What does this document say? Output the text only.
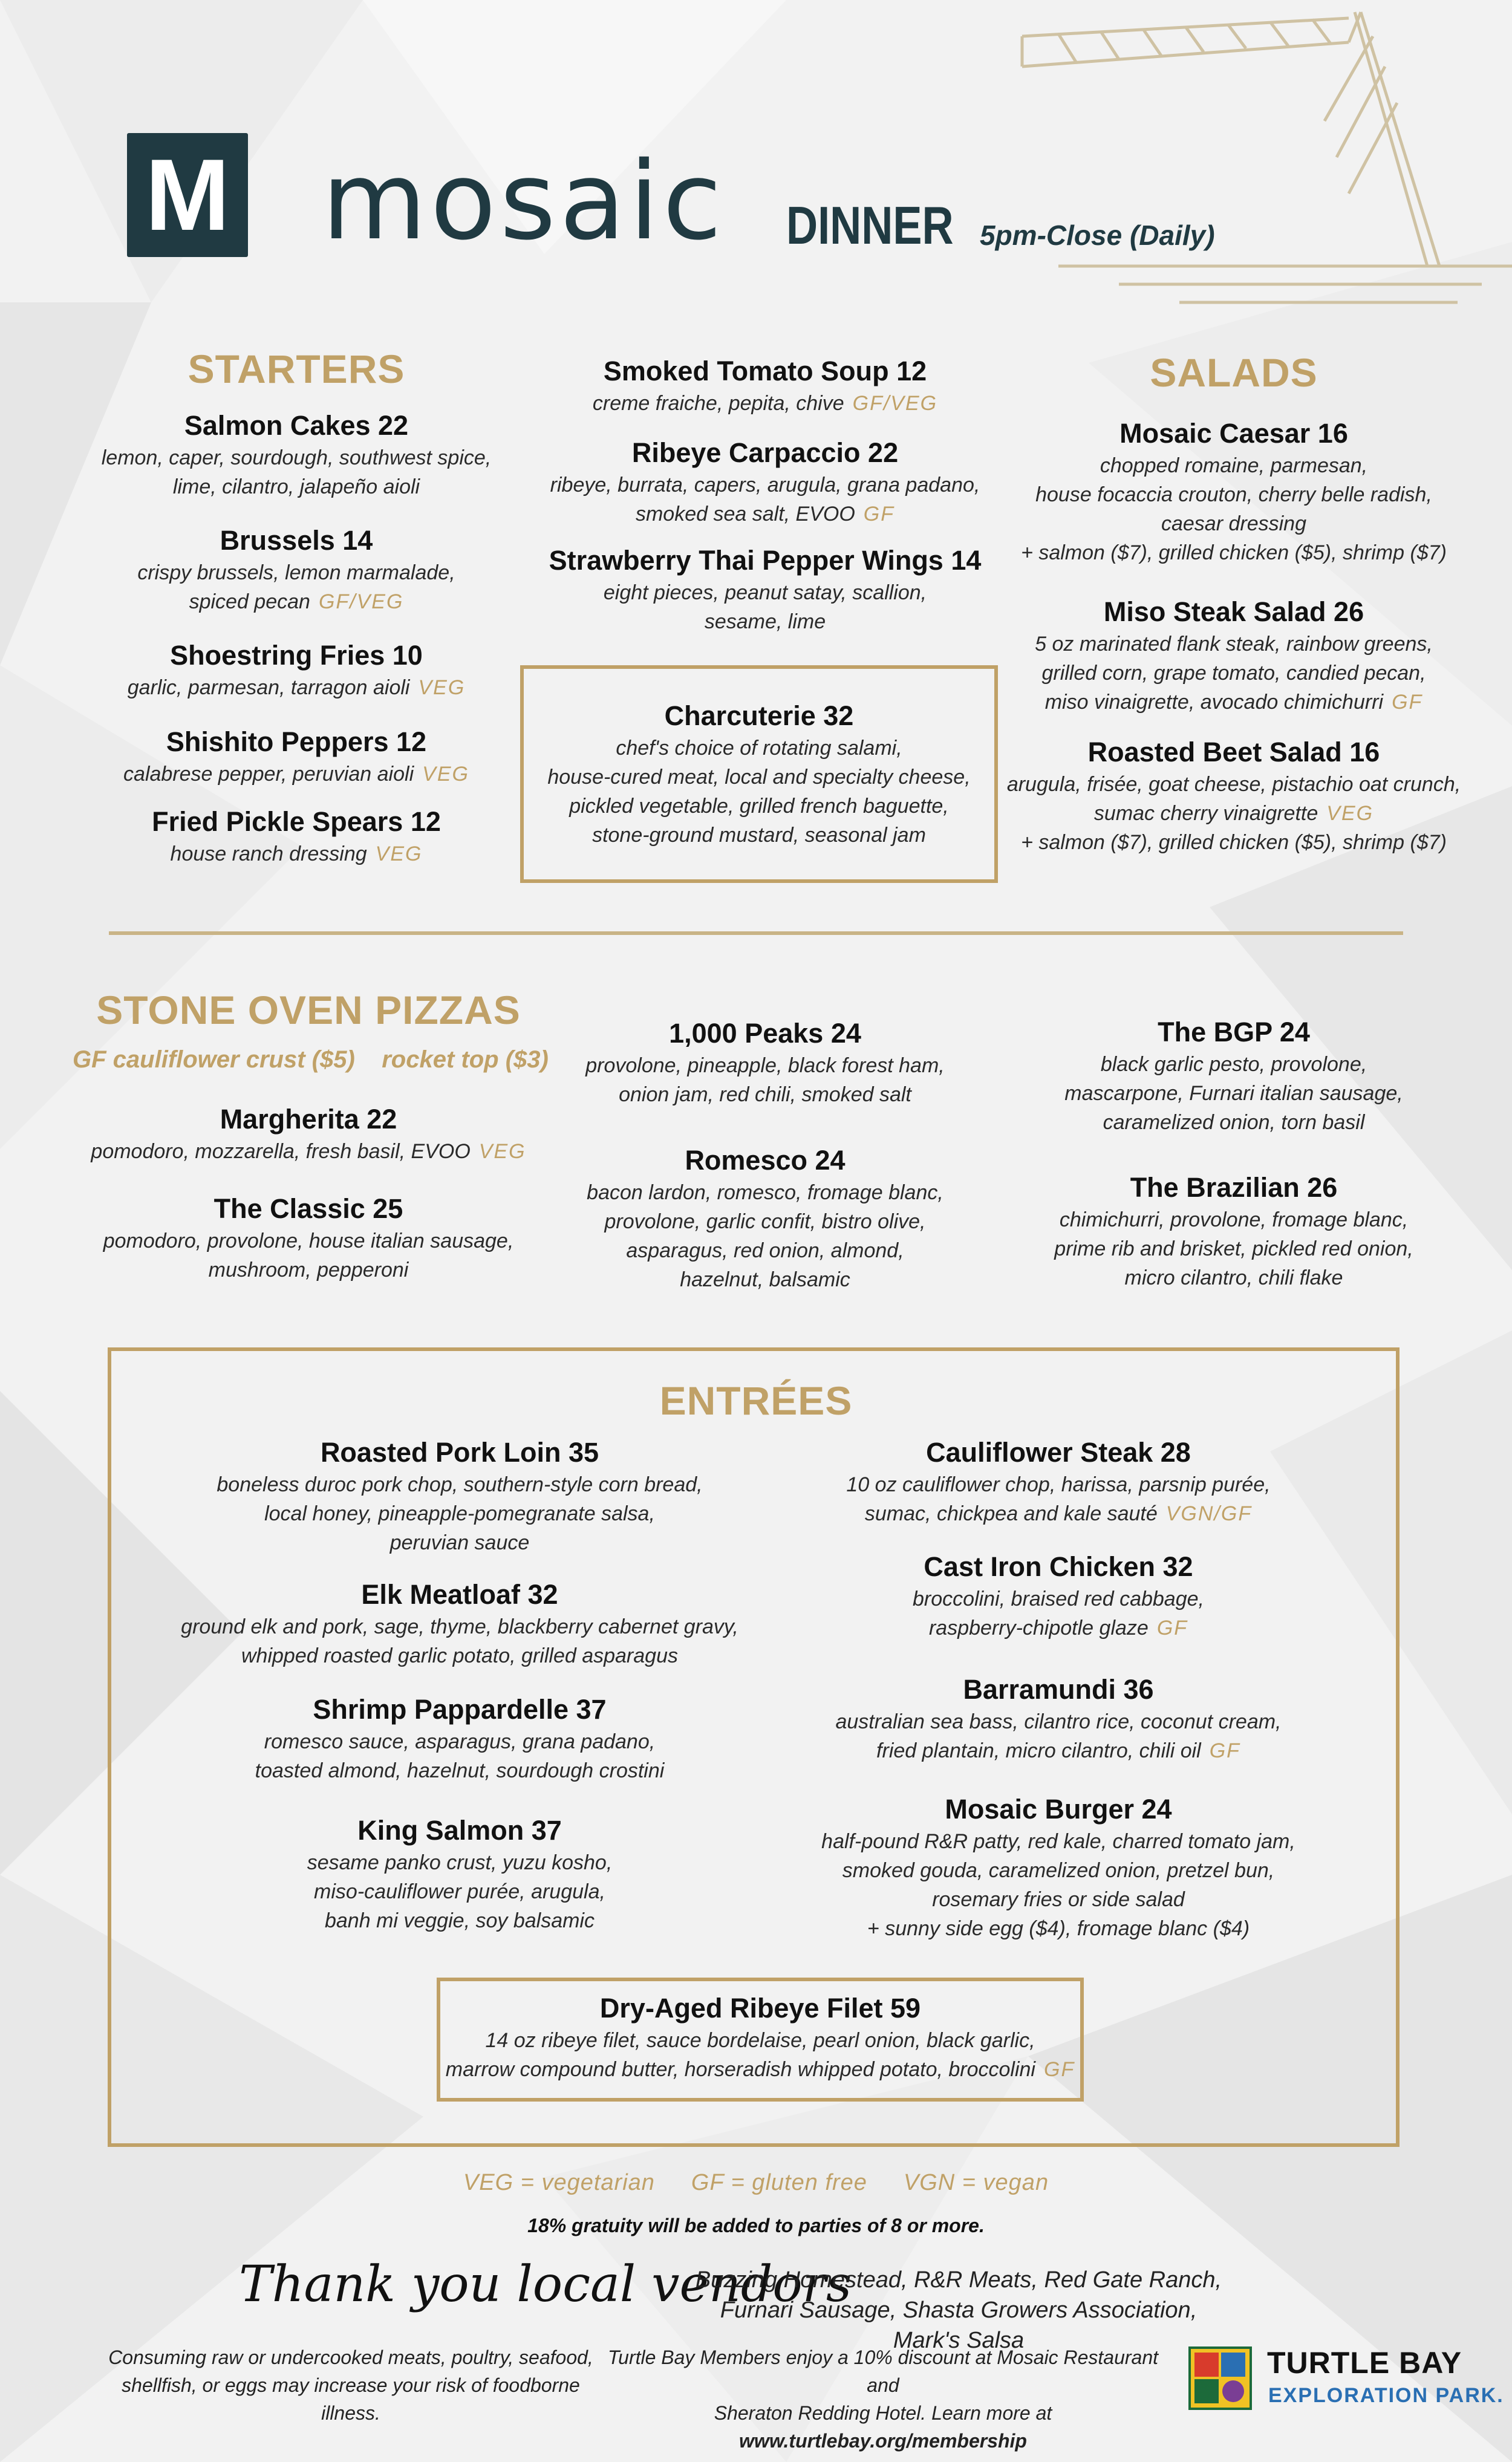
M mosaic DINNER 5pm-Close (Daily)
STARTERS
Salmon Cakes 22
lemon, caper, sourdough, southwest spice,
lime, cilantro, jalapeño aioli
Brussels 14
crispy brussels, lemon marmalade,
spiced pecan GF/VEG
Shoestring Fries 10
garlic, parmesan, tarragon aioli VEG
Shishito Peppers 12
calabrese pepper, peruvian aioli VEG
Fried Pickle Spears 12
house ranch dressing VEG
Smoked Tomato Soup 12
creme fraiche, pepita, chive GF/VEG
Ribeye Carpaccio 22
ribeye, burrata, capers, arugula, grana padano,
smoked sea salt, EVOO GF
Strawberry Thai Pepper Wings 14
eight pieces, peanut satay, scallion,
sesame, lime
Charcuterie 32
chef's choice of rotating salami,
house-cured meat, local and specialty cheese,
pickled vegetable, grilled french baguette,
stone-ground mustard, seasonal jam
SALADS
Mosaic Caesar 16
chopped romaine, parmesan,
house focaccia crouton, cherry belle radish,
caesar dressing
+ salmon ($7), grilled chicken ($5), shrimp ($7)
Miso Steak Salad 26
5 oz marinated flank steak, rainbow greens,
grilled corn, grape tomato, candied pecan,
miso vinaigrette, avocado chimichurri GF
Roasted Beet Salad 16
arugula, frisée, goat cheese, pistachio oat crunch,
sumac cherry vinaigrette VEG
+ salmon ($7), grilled chicken ($5), shrimp ($7)
STONE OVEN PIZZAS
GF cauliflower crust ($5)    rocket top ($3)
Margherita 22
pomodoro, mozzarella, fresh basil, EVOO VEG
The Classic 25
pomodoro, provolone, house italian sausage,
mushroom, pepperoni
1,000 Peaks 24
provolone, pineapple, black forest ham,
onion jam, red chili, smoked salt
Romesco 24
bacon lardon, romesco, fromage blanc,
provolone, garlic confit, bistro olive,
asparagus, red onion, almond,
hazelnut, balsamic
The BGP 24
black garlic pesto, provolone,
mascarpone, Furnari italian sausage,
caramelized onion, torn basil
The Brazilian 26
chimichurri, provolone, fromage blanc,
prime rib and brisket, pickled red onion,
micro cilantro, chili flake
ENTRÉES
Roasted Pork Loin 35
boneless duroc pork chop, southern-style corn bread,
local honey, pineapple-pomegranate salsa,
peruvian sauce
Elk Meatloaf 32
ground elk and pork, sage, thyme, blackberry cabernet gravy,
whipped roasted garlic potato, grilled asparagus
Shrimp Pappardelle 37
romesco sauce, asparagus, grana padano,
toasted almond, hazelnut, sourdough crostini
King Salmon 37
sesame panko crust, yuzu kosho,
miso-cauliflower purée, arugula,
banh mi veggie, soy balsamic
Cauliflower Steak 28
10 oz cauliflower chop, harissa, parsnip purée,
sumac, chickpea and kale sauté VGN/GF
Cast Iron Chicken 32
broccolini, braised red cabbage,
raspberry-chipotle glaze GF
Barramundi 36
australian sea bass, cilantro rice, coconut cream,
fried plantain, micro cilantro, chili oil GF
Mosaic Burger 24
half-pound R&R patty, red kale, charred tomato jam,
smoked gouda, caramelized onion, pretzel bun,
rosemary fries or side salad
+ sunny side egg ($4), fromage blanc ($4)
Dry-Aged Ribeye Filet 59
14 oz ribeye filet, sauce bordelaise, pearl onion, black garlic,
marrow compound butter, horseradish whipped potato, broccolini GF
VEG = vegetarian GF = gluten free VGN = vegan
18% gratuity will be added to parties of 8 or more.
Thank you local vendors
Buzzing Homestead, R&R Meats, Red Gate Ranch,
Furnari Sausage, Shasta Growers Association, Mark's Salsa
Consuming raw or undercooked meats, poultry, seafood,
shellfish, or eggs may increase your risk of foodborne illness.
Turtle Bay Members enjoy a 10% discount at Mosaic Restaurant and
Sheraton Redding Hotel. Learn more at www.turtlebay.org/membership
TURTLE BAY
EXPLORATION PARK.
